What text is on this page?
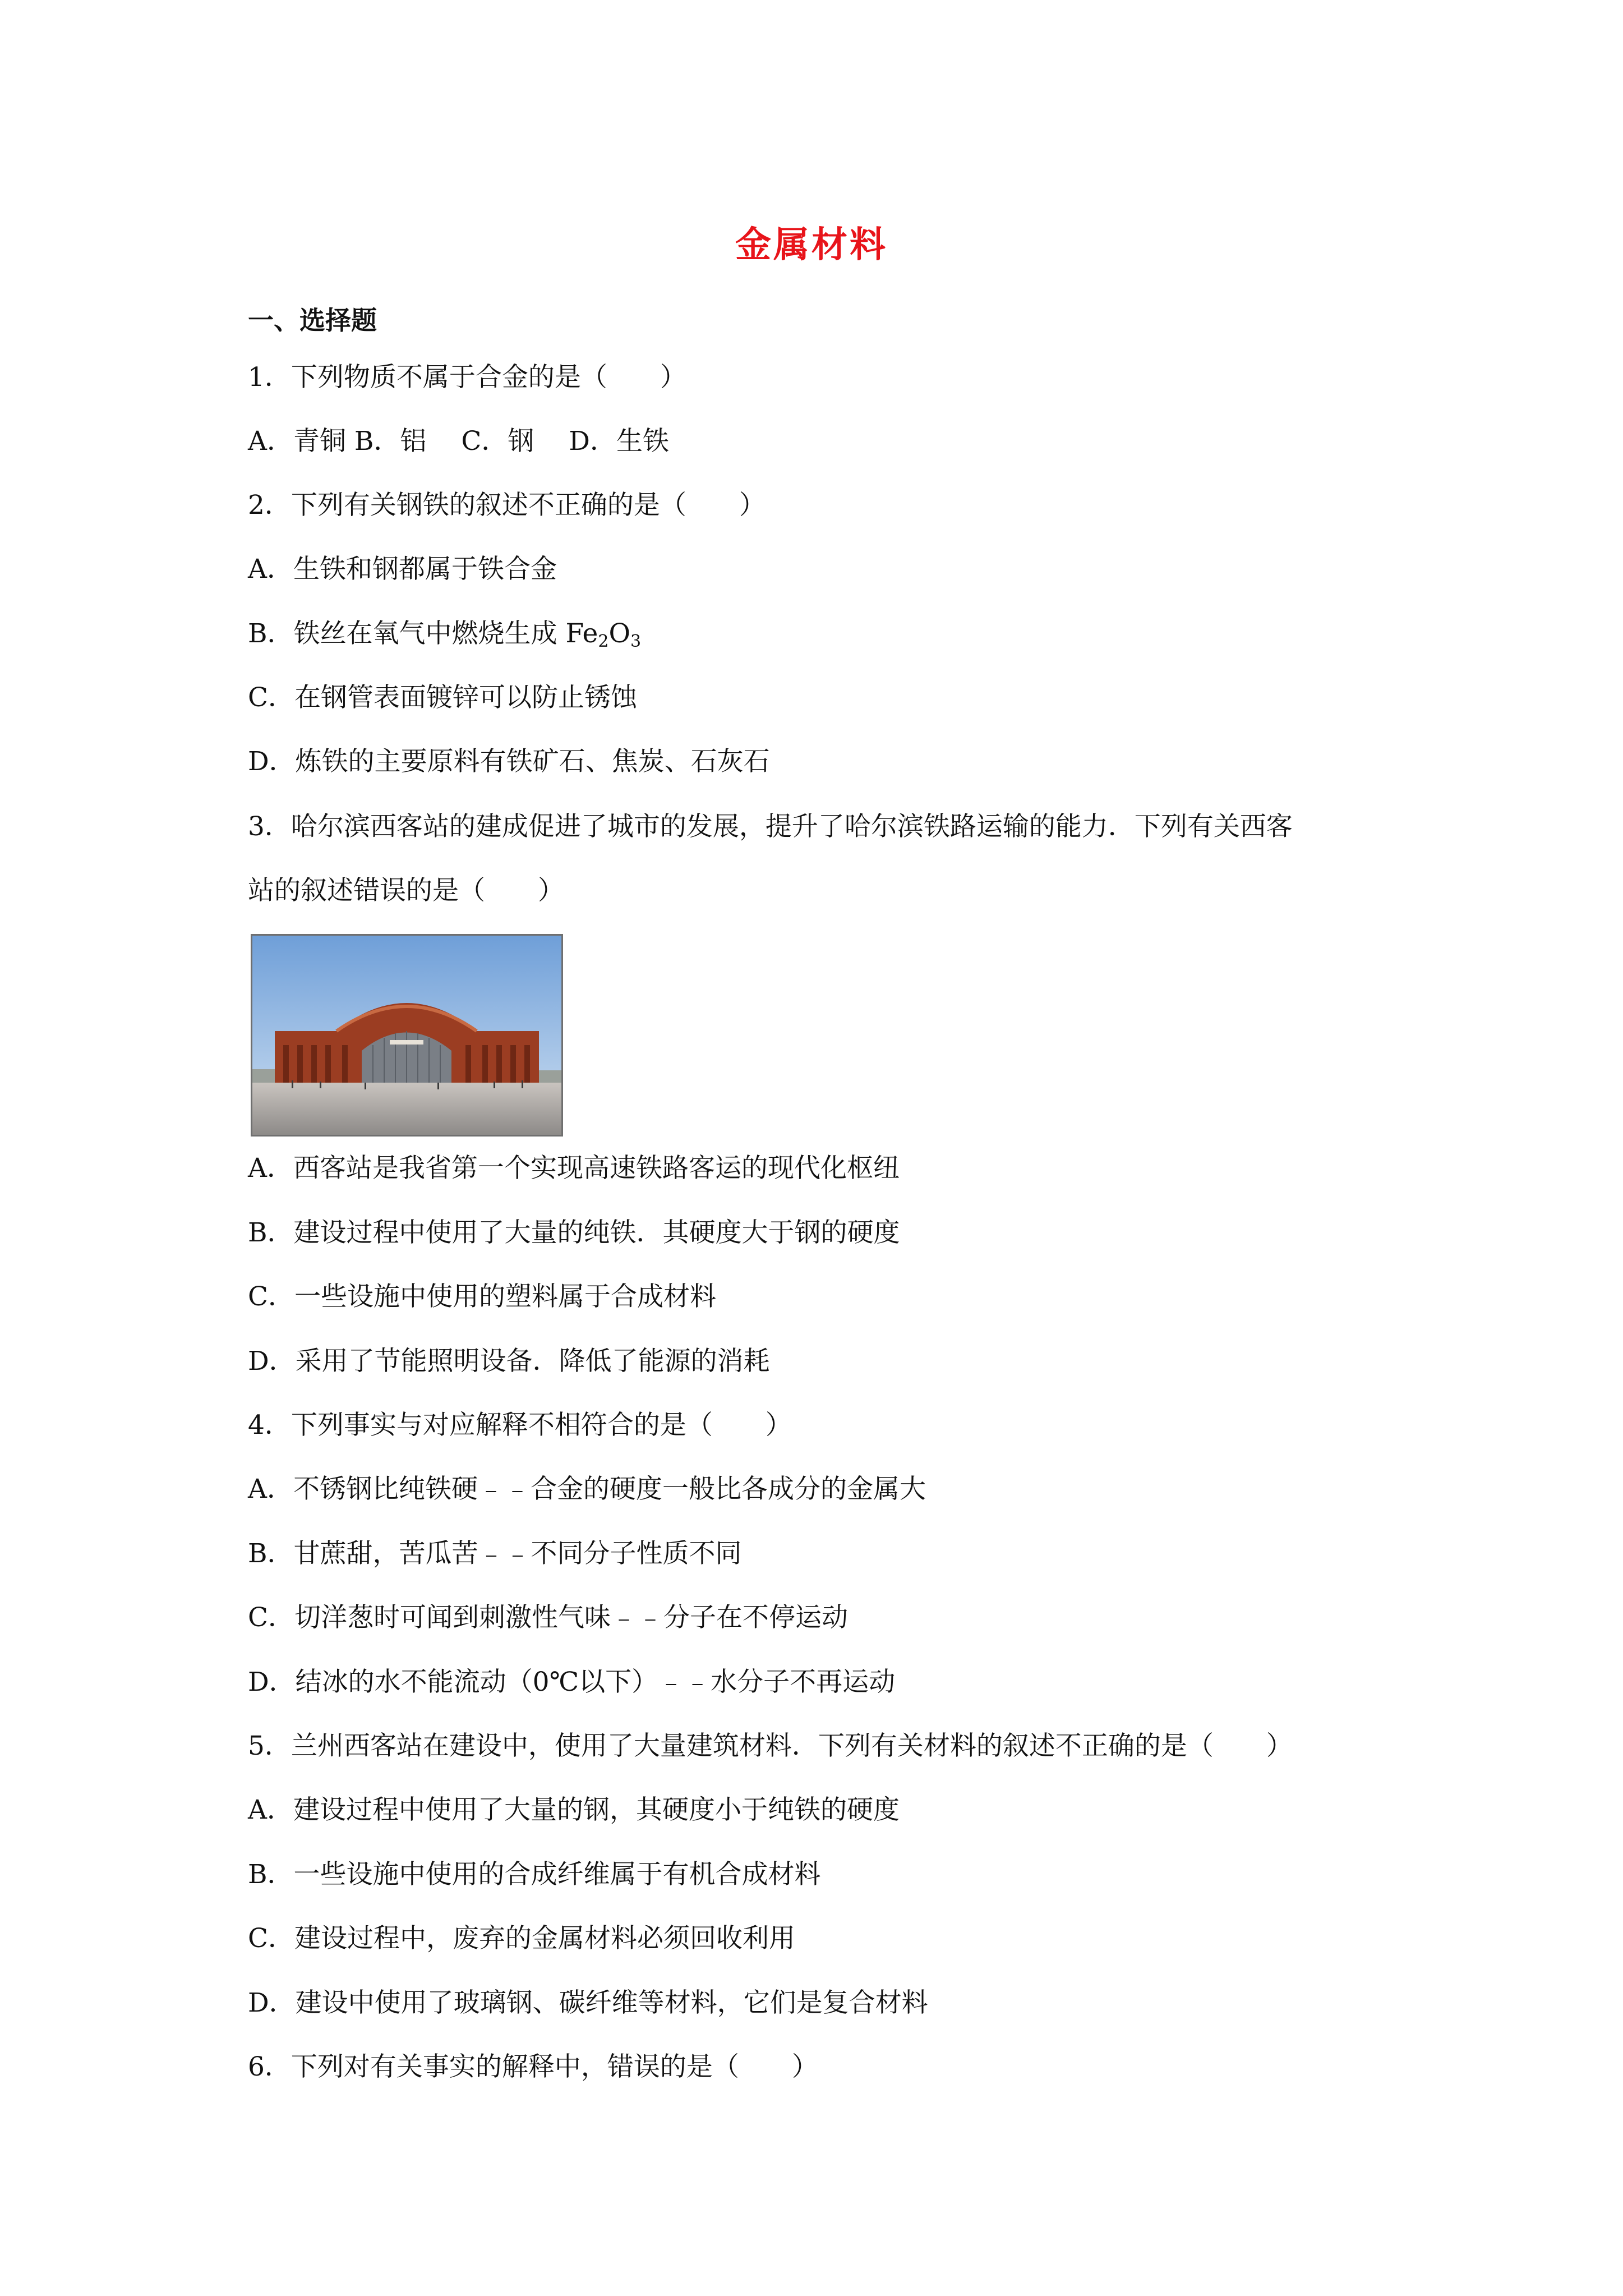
金属材料
一、选择题
1．下列物质不属于合金的是（　　）
A．青铜 B．铝　 C．钢　 D．生铁
2．下列有关钢铁的叙述不正确的是（　　）
A．生铁和钢都属于铁合金
B．铁丝在氧气中燃烧生成 $Fe_2O_3$
C．在钢管表面镀锌可以防止锈蚀
D．炼铁的主要原料有铁矿石、焦炭、石灰石
3．哈尔滨西客站的建成促进了城市的发展，提升了哈尔滨铁路运输的能力．下列有关西客
站的叙述错误的是（　　）
A．西客站是我省第一个实现高速铁路客运的现代化枢纽
B．建设过程中使用了大量的纯铁．其硬度大于钢的硬度
C．一些设施中使用的塑料属于合成材料
D．采用了节能照明设备．降低了能源的消耗
4．下列事实与对应解释不相符合的是（　　）
A．不锈钢比纯铁硬﹣﹣合金的硬度一般比各成分的金属大
B．甘蔗甜，苦瓜苦﹣﹣不同分子性质不同
C．切洋葱时可闻到刺激性气味﹣﹣分子在不停运动
D．结冰的水不能流动（0℃以下）﹣﹣水分子不再运动
5．兰州西客站在建设中，使用了大量建筑材料．下列有关材料的叙述不正确的是（　　）
A．建设过程中使用了大量的钢，其硬度小于纯铁的硬度
B．一些设施中使用的合成纤维属于有机合成材料
C．建设过程中，废弃的金属材料必须回收利用
D．建设中使用了玻璃钢、碳纤维等材料，它们是复合材料
6．下列对有关事实的解释中，错误的是（　　）
